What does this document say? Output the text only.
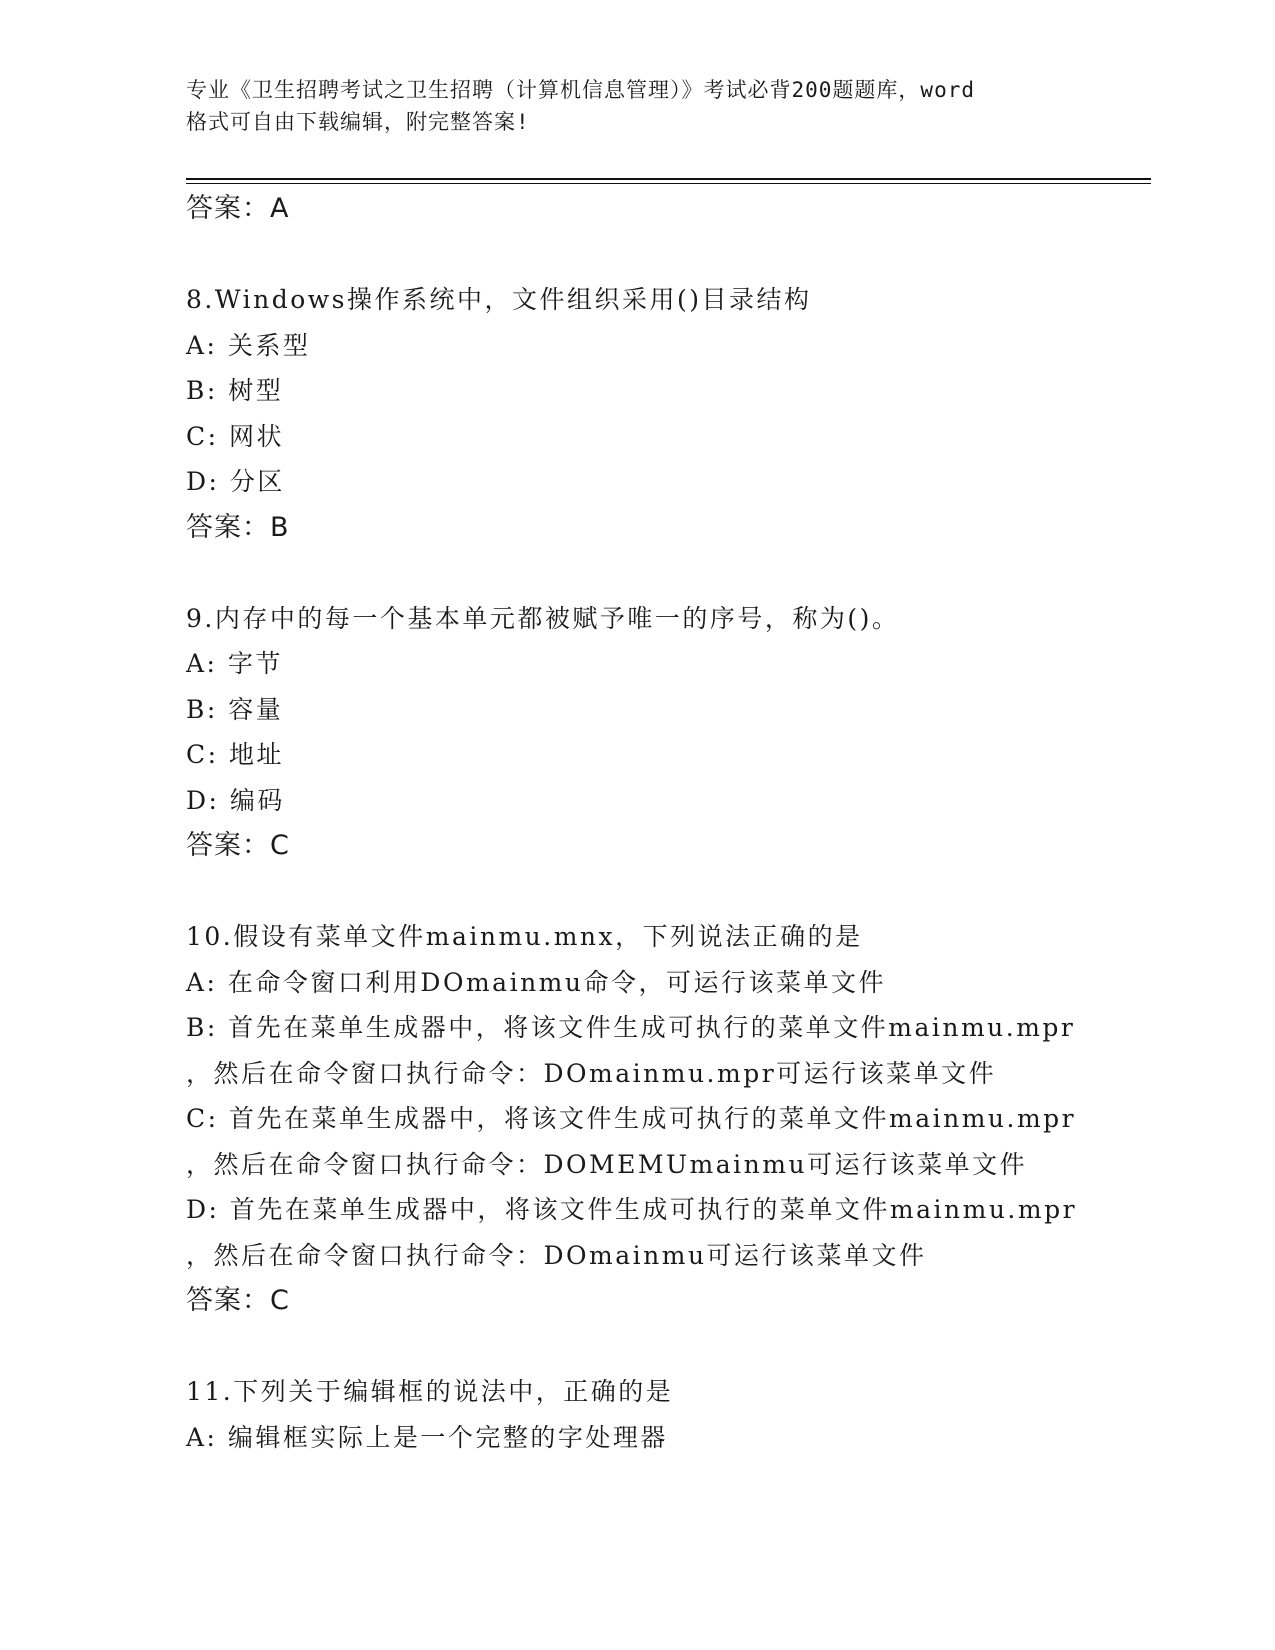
专业《卫生招聘考试之卫生招聘（计算机信息管理）》考试必背200题题库，word
格式可自由下载编辑，附完整答案!
答案：A
8.Windows操作系统中，文件组织采用()目录结构
A: 关系型
B: 树型
C: 网状
D: 分区
答案：B
9.内存中的每一个基本单元都被赋予唯一的序号，称为()。
A: 字节
B: 容量
C: 地址
D: 编码
答案：C
10.假设有菜单文件mainmu.mnx，下列说法正确的是
A: 在命令窗口利用DOmainmu命令，可运行该菜单文件
B: 首先在菜单生成器中，将该文件生成可执行的菜单文件mainmu.mpr
，然后在命令窗口执行命令：DOmainmu.mpr可运行该菜单文件
C: 首先在菜单生成器中，将该文件生成可执行的菜单文件mainmu.mpr
，然后在命令窗口执行命令：DOMEMUmainmu可运行该菜单文件
D: 首先在菜单生成器中，将该文件生成可执行的菜单文件mainmu.mpr
，然后在命令窗口执行命令：DOmainmu可运行该菜单文件
答案：C
11.下列关于编辑框的说法中，正确的是
A: 编辑框实际上是一个完整的字处理器
